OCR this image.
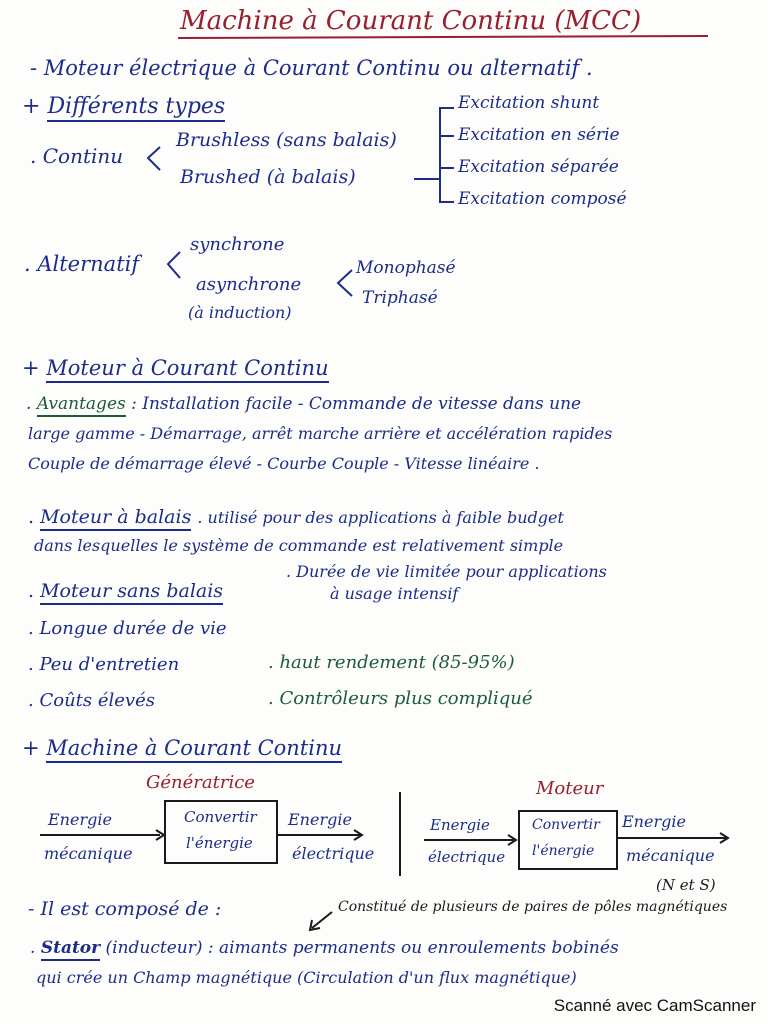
Machine à Courant Continu (MCC)
- Moteur électrique à Courant Continu ou alternatif .
+ Différents types
. Continu
Brushless (sans balais)
Brushed (à balais)
Excitation shunt
Excitation en série
Excitation séparée
Excitation composé
. Alternatif
synchrone
asynchrone
(à induction)
Monophasé
Triphasé
+ Moteur à Courant Continu
. Avantages : Installation facile - Commande de vitesse dans une
large gamme - Démarrage, arrêt marche arrière et accélération rapides
Couple de démarrage élevé - Courbe Couple - Vitesse linéaire .
. Moteur à balais . utilisé pour des applications à faible budget
dans lesquelles le système de commande est relativement simple
. Durée de vie limitée pour applications
à usage intensif
. Moteur sans balais
. Longue durée de vie
. Peu d'entretien
. Coûts élevés
. haut rendement (85-95%)
. Contrôleurs plus compliqué
+ Machine à Courant Continu
Génératrice	Moteur
Energie
mécanique
Convertir
l'énergie
Energie
électrique
Energie
électrique
Convertir
l'énergie
Energie
mécanique
(N et S)
- Il est composé de :	Constitué de plusieurs de paires de pôles magnétiques
. Stator (inducteur) : aimants permanents ou enroulements bobinés
qui crée un Champ magnétique (Circulation d'un flux magnétique)
Scanné avec CamScanner
